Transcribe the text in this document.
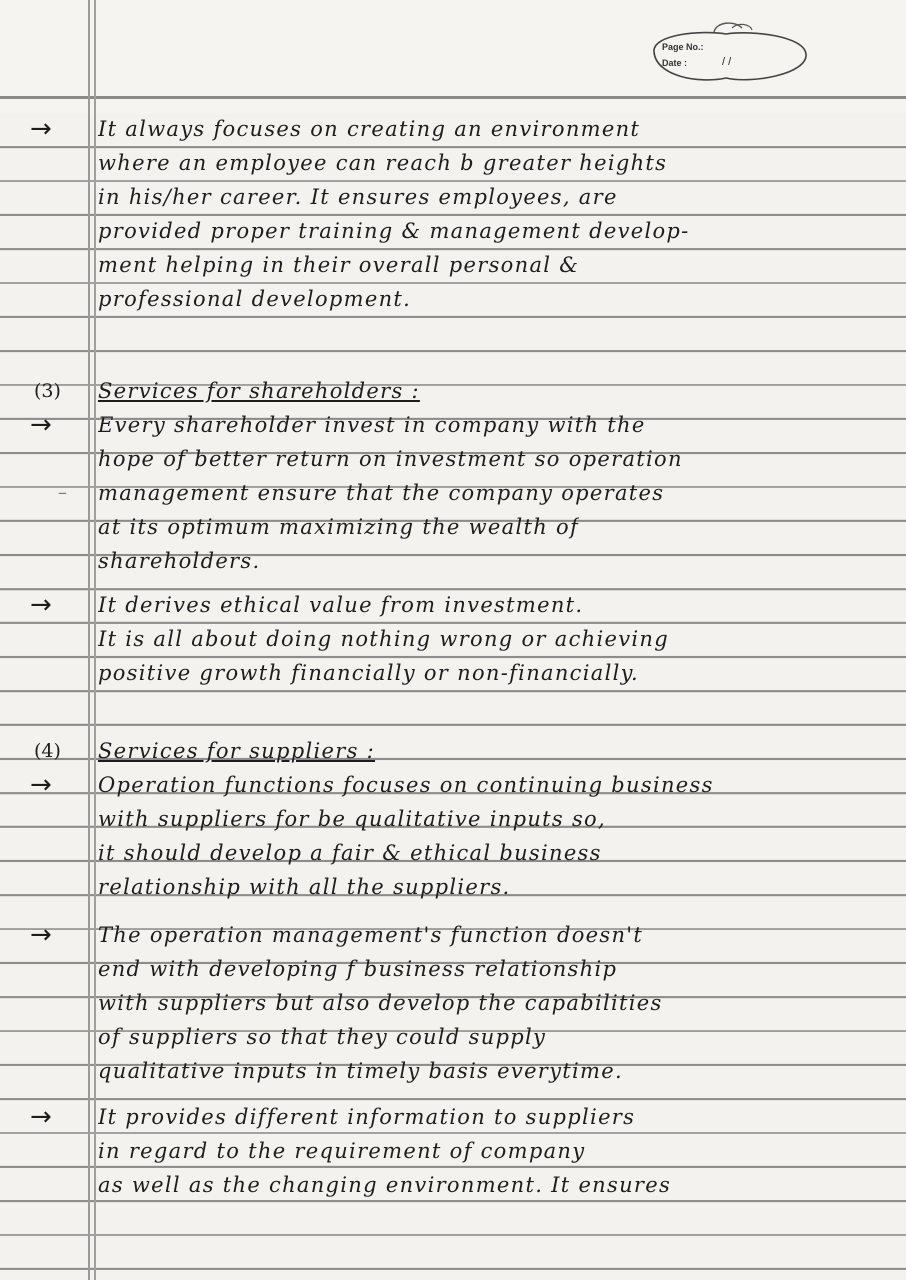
Page No.:
Date :	/ /
→ It always focuses on creating an environment
where an employee can reach b greater heights
in his/her career. It ensures employees, are
provided proper training & management develop-
ment helping in their overall personal &
professional development.
(3) Services for shareholders :
→ Every shareholder invest in company with the
hope of better return on investment so operation
– management ensure that the company operates
at its optimum maximizing the wealth of
shareholders.
→ It derives ethical value from investment.
It is all about doing nothing wrong or achieving
positive growth financially or non-financially.
(4) Services for suppliers :
→ Operation functions focuses on continuing business
with suppliers for be qualitative inputs so,
it should develop a fair & ethical business
relationship with all the suppliers.
→ The operation management's function doesn't
end with developing f business relationship
with suppliers but also develop the capabilities
of suppliers so that they could supply
qualitative inputs in timely basis everytime.
→ It provides different information to suppliers
in regard to the requirement of company
as well as the changing environment. It ensures
